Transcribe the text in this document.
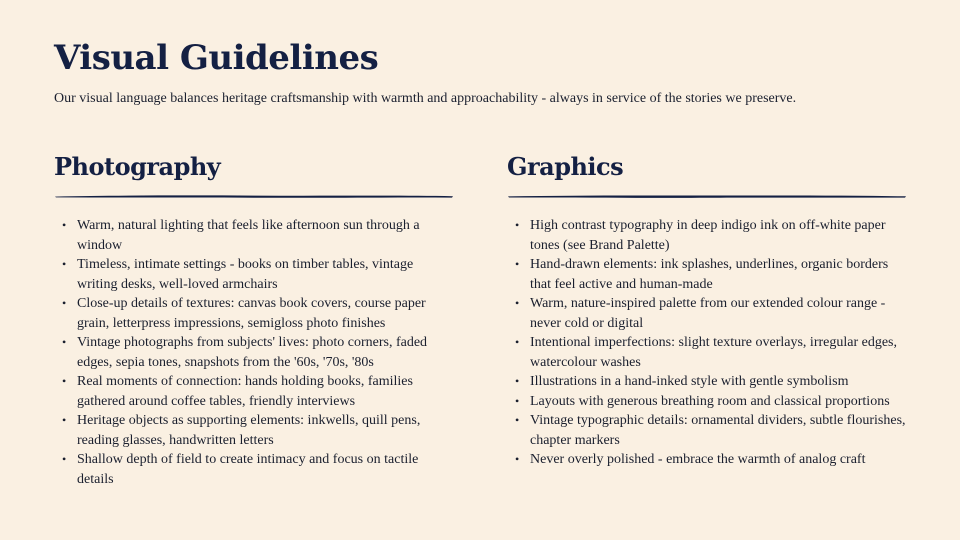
Visual Guidelines

Our visual language balances heritage craftsmanship with warmth and approachability - always in service of the stories we preserve.

Photography
• Warm, natural lighting that feels like afternoon sun through a window
• Timeless, intimate settings - books on timber tables, vintage writing desks, well-loved armchairs
• Close-up details of textures: canvas book covers, course paper grain, letterpress impressions, semigloss photo finishes
• Vintage photographs from subjects' lives: photo corners, faded edges, sepia tones, snapshots from the '60s, '70s, '80s
• Real moments of connection: hands holding books, families gathered around coffee tables, friendly interviews
• Heritage objects as supporting elements: inkwells, quill pens, reading glasses, handwritten letters
• Shallow depth of field to create intimacy and focus on tactile details
Graphics
• High contrast typography in deep indigo ink on off-white paper tones (see Brand Palette)
• Hand-drawn elements: ink splashes, underlines, organic borders that feel active and human-made
• Warm, nature-inspired palette from our extended colour range - never cold or digital
• Intentional imperfections: slight texture overlays, irregular edges, watercolour washes
• Illustrations in a hand-inked style with gentle symbolism
• Layouts with generous breathing room and classical proportions
• Vintage typographic details: ornamental dividers, subtle flourishes, chapter markers
• Never overly polished - embrace the warmth of analog craft
